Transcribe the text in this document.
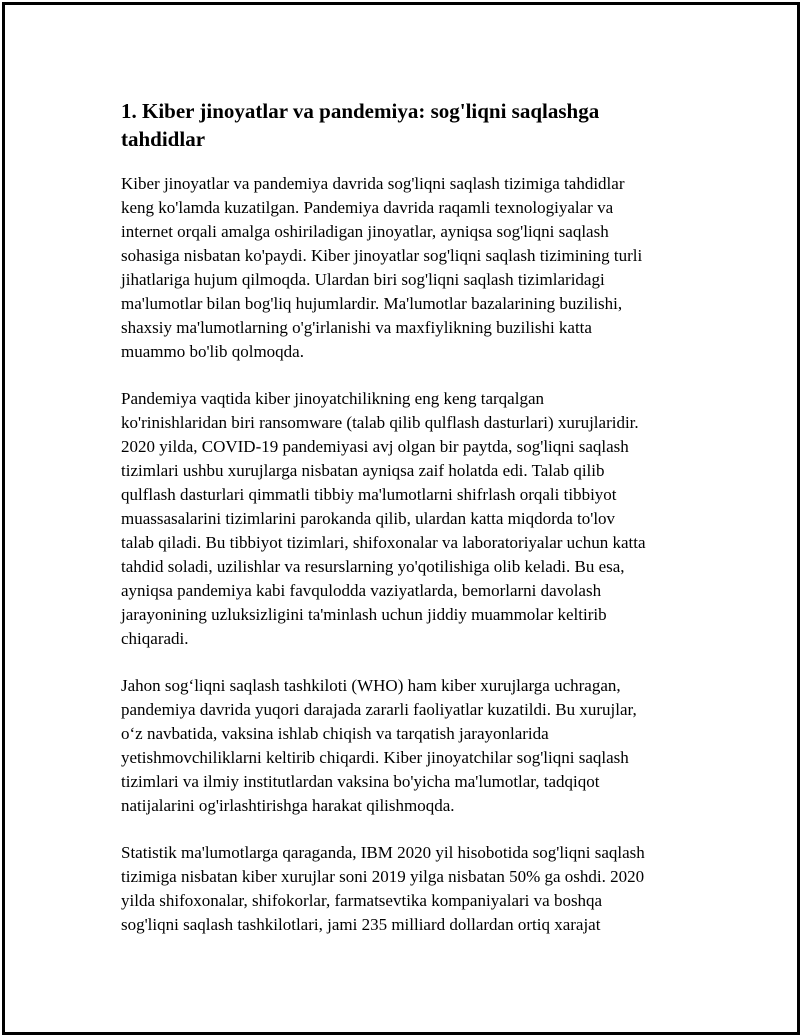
1. Kiber jinoyatlar va pandemiya: sog'liqni saqlashga
tahdidlar

Kiber jinoyatlar va pandemiya davrida sog'liqni saqlash tizimiga tahdidlar
keng ko'lamda kuzatilgan. Pandemiya davrida raqamli texnologiyalar va
internet orqali amalga oshiriladigan jinoyatlar, ayniqsa sog'liqni saqlash
sohasiga nisbatan ko'paydi. Kiber jinoyatlar sog'liqni saqlash tizimining turli
jihatlariga hujum qilmoqda. Ulardan biri sog'liqni saqlash tizimlaridagi
ma'lumotlar bilan bog'liq hujumlardir. Ma'lumotlar bazalarining buzilishi,
shaxsiy ma'lumotlarning o'g'irlanishi va maxfiylikning buzilishi katta
muammo bo'lib qolmoqda.

Pandemiya vaqtida kiber jinoyatchilikning eng keng tarqalgan
ko'rinishlaridan biri ransomware (talab qilib qulflash dasturlari) xurujlaridir.
2020 yilda, COVID-19 pandemiyasi avj olgan bir paytda, sog'liqni saqlash
tizimlari ushbu xurujlarga nisbatan ayniqsa zaif holatda edi. Talab qilib
qulflash dasturlari qimmatli tibbiy ma'lumotlarni shifrlash orqali tibbiyot
muassasalarini tizimlarini parokanda qilib, ulardan katta miqdorda to'lov
talab qiladi. Bu tibbiyot tizimlari, shifoxonalar va laboratoriyalar uchun katta
tahdid soladi, uzilishlar va resurslarning yo'qotilishiga olib keladi. Bu esa,
ayniqsa pandemiya kabi favqulodda vaziyatlarda, bemorlarni davolash
jarayonining uzluksizligini ta'minlash uchun jiddiy muammolar keltirib
chiqaradi.

Jahon sog‘liqni saqlash tashkiloti (WHO) ham kiber xurujlarga uchragan,
pandemiya davrida yuqori darajada zararli faoliyatlar kuzatildi. Bu xurujlar,
o‘z navbatida, vaksina ishlab chiqish va tarqatish jarayonlarida
yetishmovchiliklarni keltirib chiqardi. Kiber jinoyatchilar sog'liqni saqlash
tizimlari va ilmiy institutlardan vaksina bo'yicha ma'lumotlar, tadqiqot
natijalarini og'irlashtirishga harakat qilishmoqda.

Statistik ma'lumotlarga qaraganda, IBM 2020 yil hisobotida sog'liqni saqlash
tizimiga nisbatan kiber xurujlar soni 2019 yilga nisbatan 50% ga oshdi. 2020
yilda shifoxonalar, shifokorlar, farmatsevtika kompaniyalari va boshqa
sog'liqni saqlash tashkilotlari, jami 235 milliard dollardan ortiq xarajat
